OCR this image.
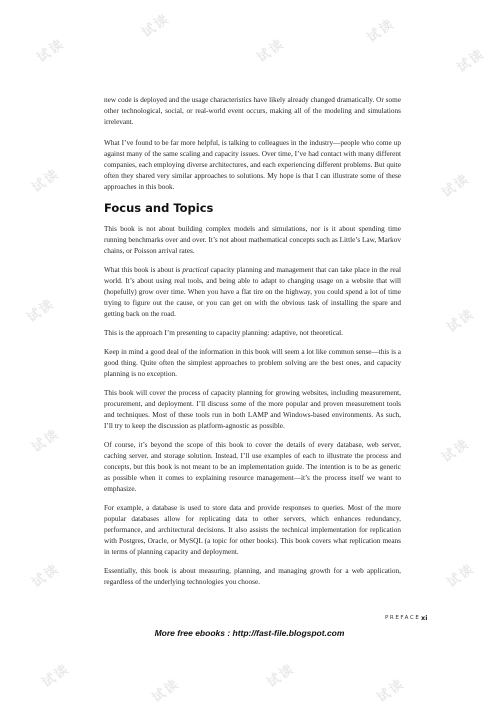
试读
试读
试读
试读
试读
试读	试读
试读	试读
试读	试读
试读	试读
试读
试读
试读
试读

new code is deployed and the usage characteristics have likely already changed dramatically. Or some other technological, social, or real-world event occurs, making all of the modeling and simulations irrelevant.

What I’ve found to be far more helpful, is talking to colleagues in the industry—people who come up against many of the same scaling and capacity issues. Over time, I’ve had contact with many different companies, each employing diverse architectures, and each experiencing different problems. But quite often they shared very similar approaches to solutions. My hope is that I can illustrate some of these approaches in this book.

Focus and Topics

This book is not about building complex models and simulations, nor is it about spending time running benchmarks over and over. It’s not about mathematical concepts such as Little’s Law, Markov chains, or Poisson arrival rates.

What this book is about is practical capacity planning and management that can take place in the real world. It’s about using real tools, and being able to adapt to changing usage on a website that will (hopefully) grow over time. When you have a flat tire on the highway, you could spend a lot of time trying to figure out the cause, or you can get on with the obvious task of installing the spare and getting back on the road.

This is the approach I’m presenting to capacity planning: adaptive, not theoretical.

Keep in mind a good deal of the information in this book will seem a lot like common sense—this is a good thing. Quite often the simplest approaches to problem solving are the best ones, and capacity planning is no exception.

This book will cover the process of capacity planning for growing websites, including measurement, procurement, and deployment. I’ll discuss some of the more popular and proven measurement tools and techniques. Most of these tools run in both LAMP and Windows-based environments. As such, I’ll try to keep the discussion as platform-agnostic as possible.

Of course, it’s beyond the scope of this book to cover the details of every database, web server, caching server, and storage solution. Instead, I’ll use examples of each to illustrate the process and concepts, but this book is not meant to be an implementation guide. The intention is to be as generic as possible when it comes to explaining resource management—it’s the process itself we want to emphasize.

For example, a database is used to store data and provide responses to queries. Most of the more popular databases allow for replicating data to other servers, which enhances redundancy, performance, and architectural decisions. It also assists the technical implementation for replication with Postgres, Oracle, or MySQL (a topic for other books). This book covers what replication means in terms of planning capacity and deployment.

Essentially, this book is about measuring, planning, and managing growth for a web application, regardless of the underlying technologies you choose.

PREFACE xi
More free ebooks : http://fast-file.blogspot.com
